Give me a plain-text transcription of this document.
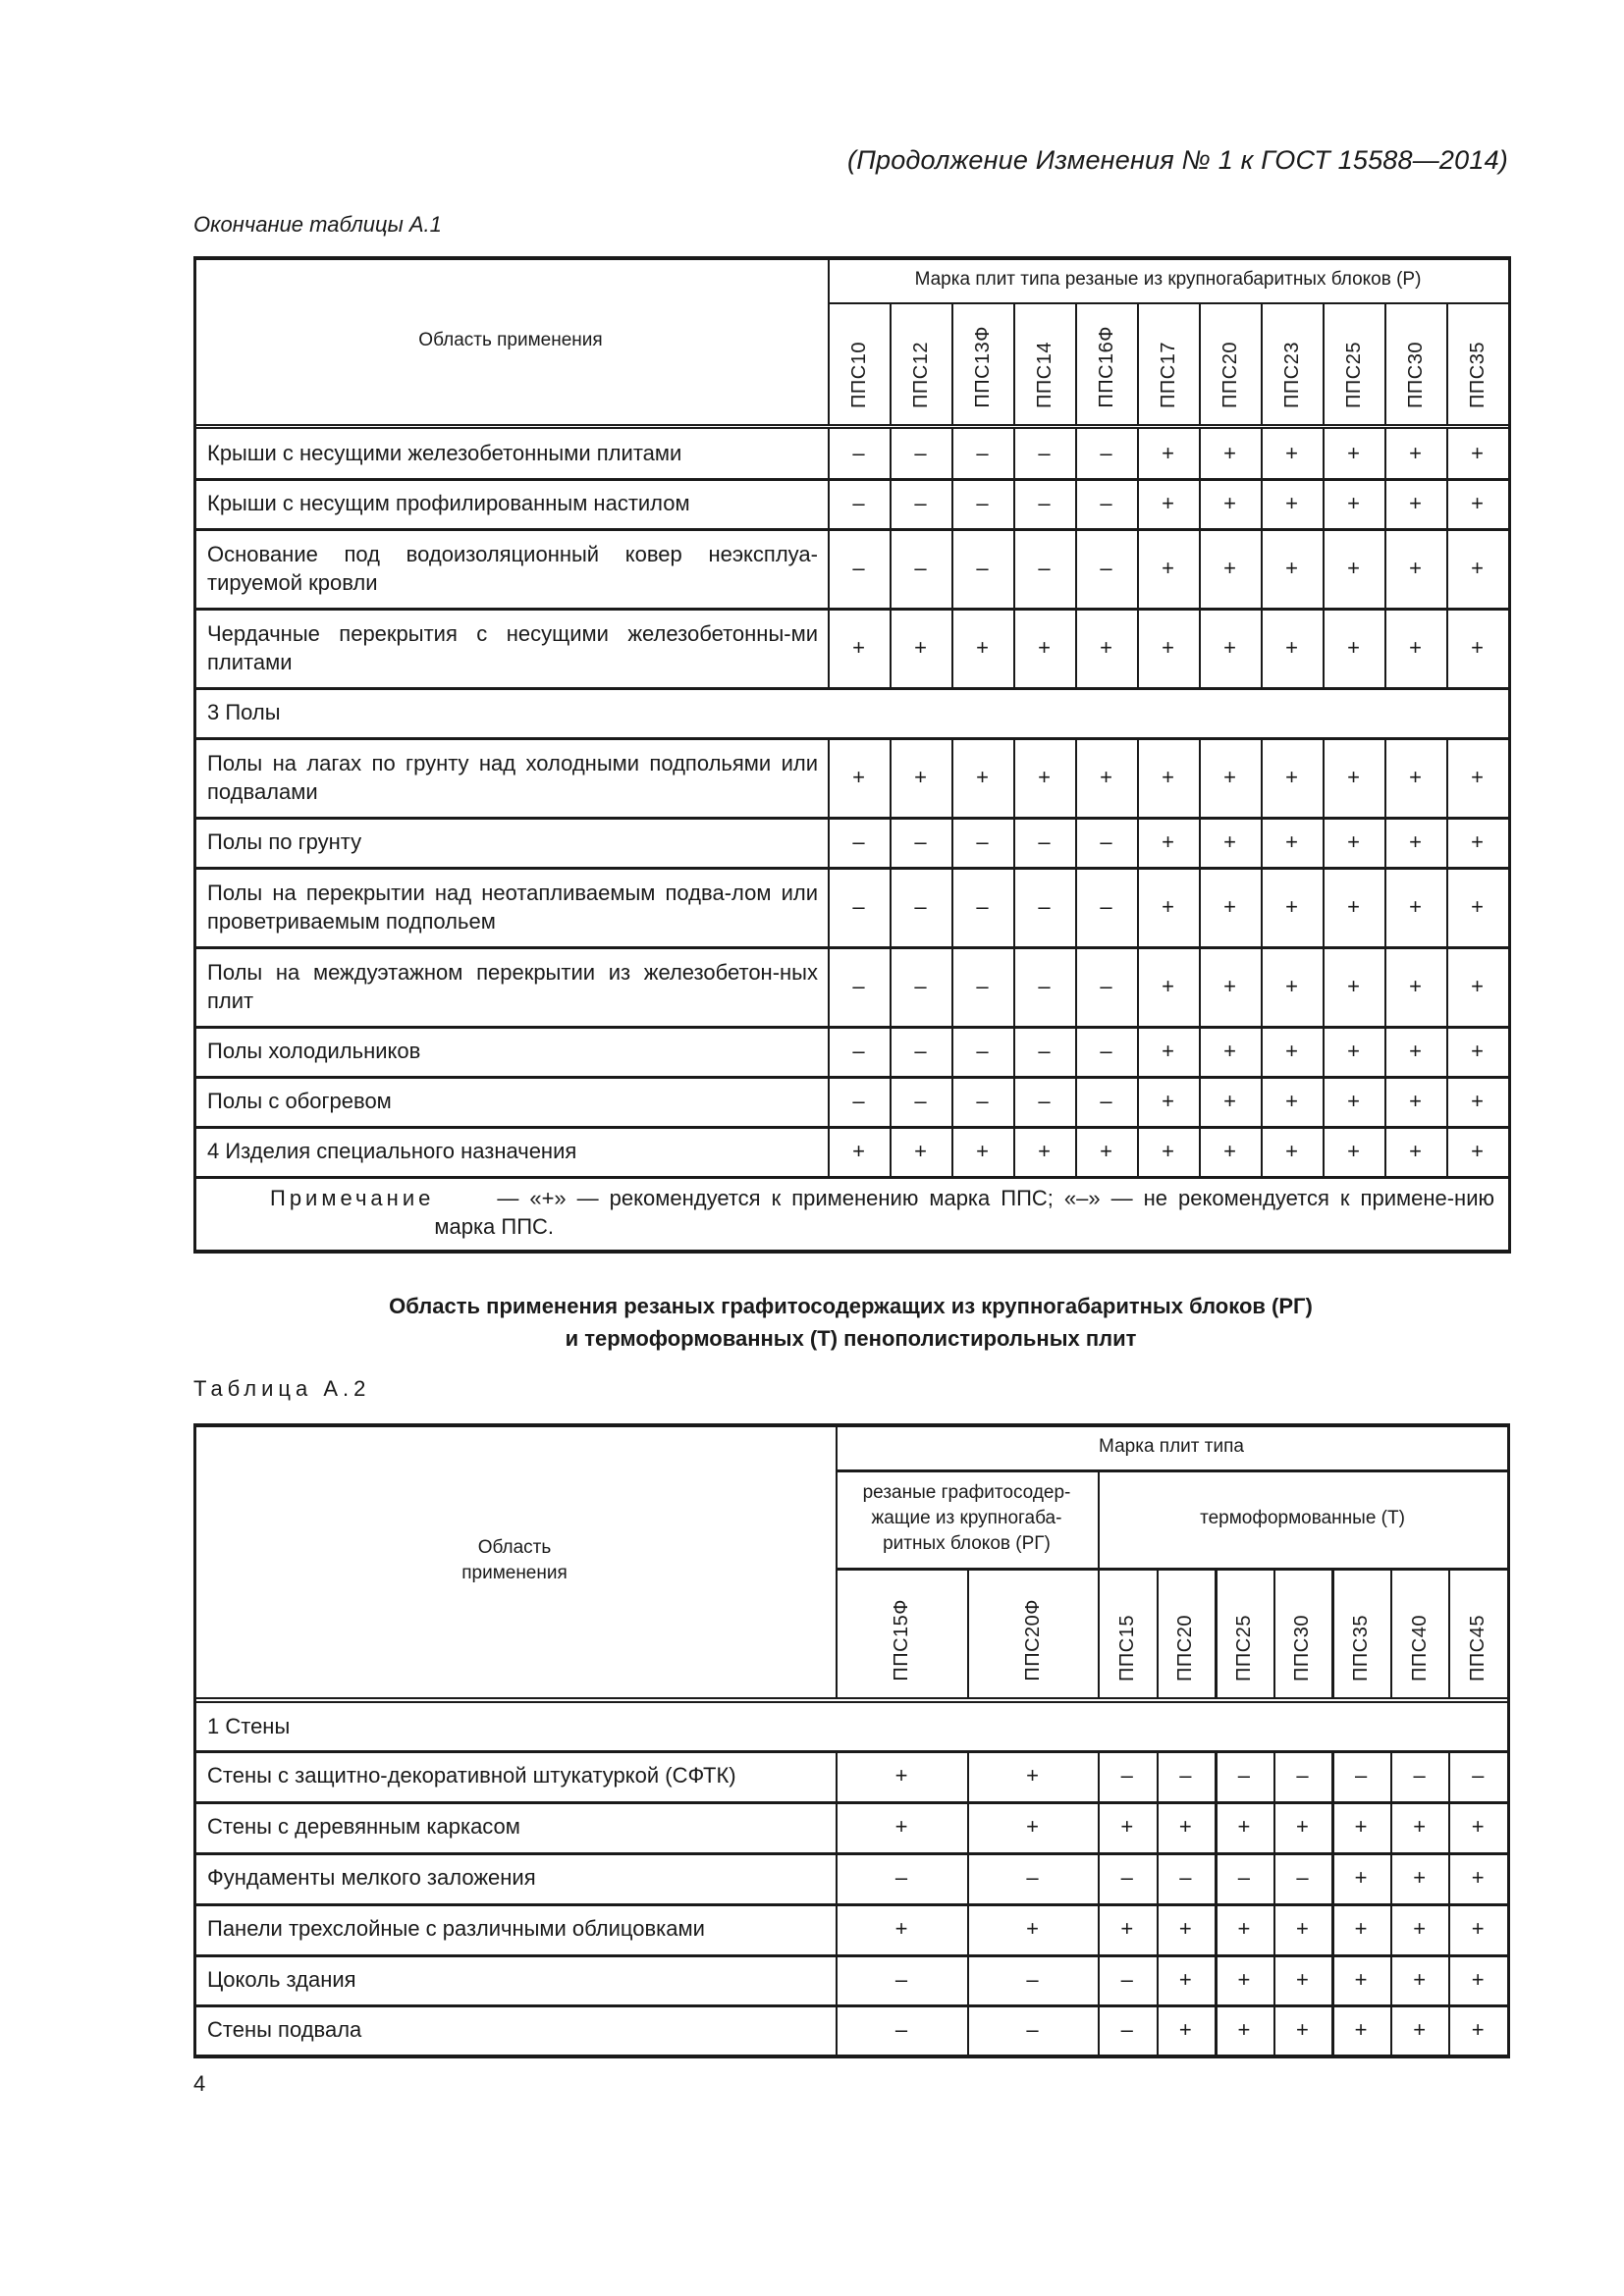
(Продолжение Изменения № 1 к ГОСТ 15588—2014)
Окончание таблицы А.1
Область применения
Марка плит типа резаные из крупногабаритных блоков (Р)
ППС10 ППС12 ППС13Ф ППС14 ППС16Ф ППС17 ППС20 ППС23 ППС25 ППС30 ППС35
Крыши с несущими железобетонными плитами	–	–	–	–	–	+	+	+	+	+	+
Крыши с несущим профилированным настилом	–	–	–	–	–	+	+	+	+	+	+
Основание под водоизоляционный ковер неэксплуа-тируемой кровли
–	–	–	–	–	+	+	+	+	+	+
Чердачные перекрытия с несущими железобетонны-ми плитами
+	+	+	+	+	+	+	+	+	+	+
3 Полы
Полы на лагах по грунту над холодными подпольями или подвалами
+	+	+	+	+	+	+	+	+	+	+
Полы по грунту	–	–	–	–	–	+	+	+	+	+	+
Полы на перекрытии над неотапливаемым подва-лом или проветриваемым подпольем
–	–	–	–	–	+	+	+	+	+	+
Полы на междуэтажном перекрытии из железобетон-ных плит
–	–	–	–	–	+	+	+	+	+	+
Полы холодильников	–	–	–	–	–	+	+	+	+	+	+
Полы с обогревом	–	–	–	–	–	+	+	+	+	+	+
4 Изделия специального назначения	+	+	+	+	+	+	+	+	+	+	+
Примечание	— «+» — рекомендуется к применению марка ППС; «–» — не рекомендуется к примене-нию марка ППС.
Область применения резаных графитосодержащих из крупногабаритных блоков (РГ)
и термоформованных (Т) пенополистирольных плит
Таблица А.2
Область применения
Марка плит типа
резаные графитосодер-жащие из крупногаба-ритных блоков (РГ)
термоформованные (Т)
ППС15Ф	ППС20Ф	ППС15 ППС20 ППС25 ППС30 ППС35 ППС40 ППС45
1 Стены
Стены с защитно-декоративной штукатуркой (СФТК)	+	+	–	–	–	–	–	–	–
Стены с деревянным каркасом	+	+	+	+	+	+	+	+	+
Фундаменты мелкого заложения	–	–	–	–	–	–	+	+	+
Панели трехслойные с различными облицовками	+	+	+	+	+	+	+	+	+
Цоколь здания	–	–	–	+	+	+	+	+	+
Стены подвала	–	–	–	+	+	+	+	+	+
4
